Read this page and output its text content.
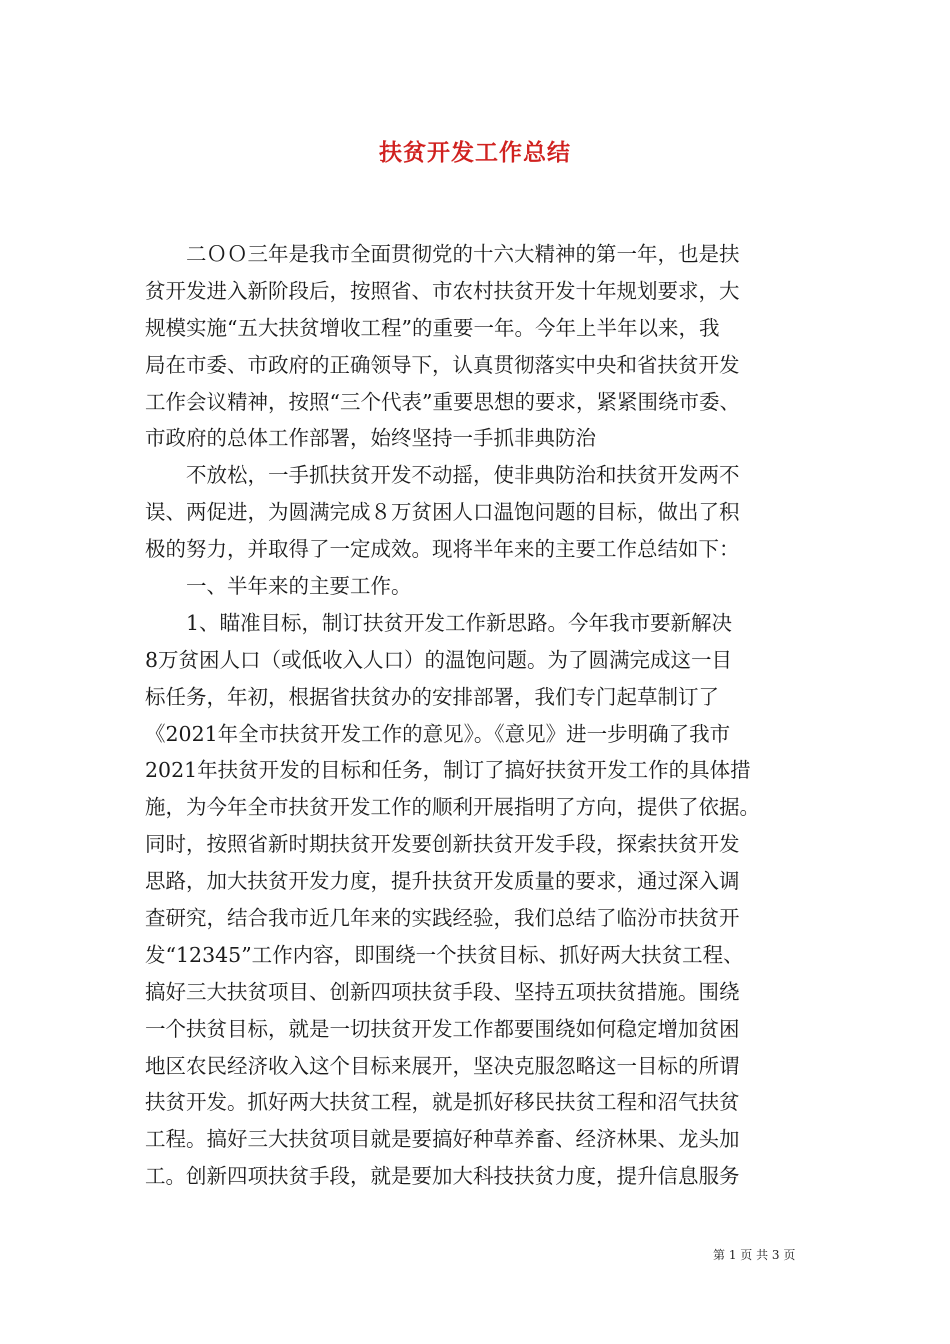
扶贫开发工作总结
　　二ＯＯ三年是我市全面贯彻党的十六大精神的第一年，也是扶
贫开发进入新阶段后，按照省、市农村扶贫开发十年规划要求，大
规模实施“五大扶贫增收工程”的重要一年。今年上半年以来，我
局在市委、市政府的正确领导下，认真贯彻落实中央和省扶贫开发
工作会议精神，按照“三个代表”重要思想的要求，紧紧围绕市委、
市政府的总体工作部署，始终坚持一手抓非典防治
　　不放松，一手抓扶贫开发不动摇，使非典防治和扶贫开发两不
误、两促进，为圆满完成８万贫困人口温饱问题的目标，做出了积
极的努力，并取得了一定成效。现将半年来的主要工作总结如下：
　　一、半年来的主要工作。
　　1、瞄准目标，制订扶贫开发工作新思路。今年我市要新解决
8万贫困人口（或低收入人口）的温饱问题。为了圆满完成这一目
标任务，年初，根据省扶贫办的安排部署，我们专门起草制订了
《2021年全市扶贫开发工作的意见》。《意见》进一步明确了我市
2021年扶贫开发的目标和任务，制订了搞好扶贫开发工作的具体措
施，为今年全市扶贫开发工作的顺利开展指明了方向，提供了依据。
同时，按照省新时期扶贫开发要创新扶贫开发手段，探索扶贫开发
思路，加大扶贫开发力度，提升扶贫开发质量的要求，通过深入调
查研究，结合我市近几年来的实践经验，我们总结了临汾市扶贫开
发“12345”工作内容，即围绕一个扶贫目标、抓好两大扶贫工程、
搞好三大扶贫项目、创新四项扶贫手段、坚持五项扶贫措施。围绕
一个扶贫目标，就是一切扶贫开发工作都要围绕如何稳定增加贫困
地区农民经济收入这个目标来展开，坚决克服忽略这一目标的所谓
扶贫开发。抓好两大扶贫工程，就是抓好移民扶贫工程和沼气扶贫
工程。搞好三大扶贫项目就是要搞好种草养畜、经济林果、龙头加
工。创新四项扶贫手段，就是要加大科技扶贫力度，提升信息服务
第 1 页 共 3 页
